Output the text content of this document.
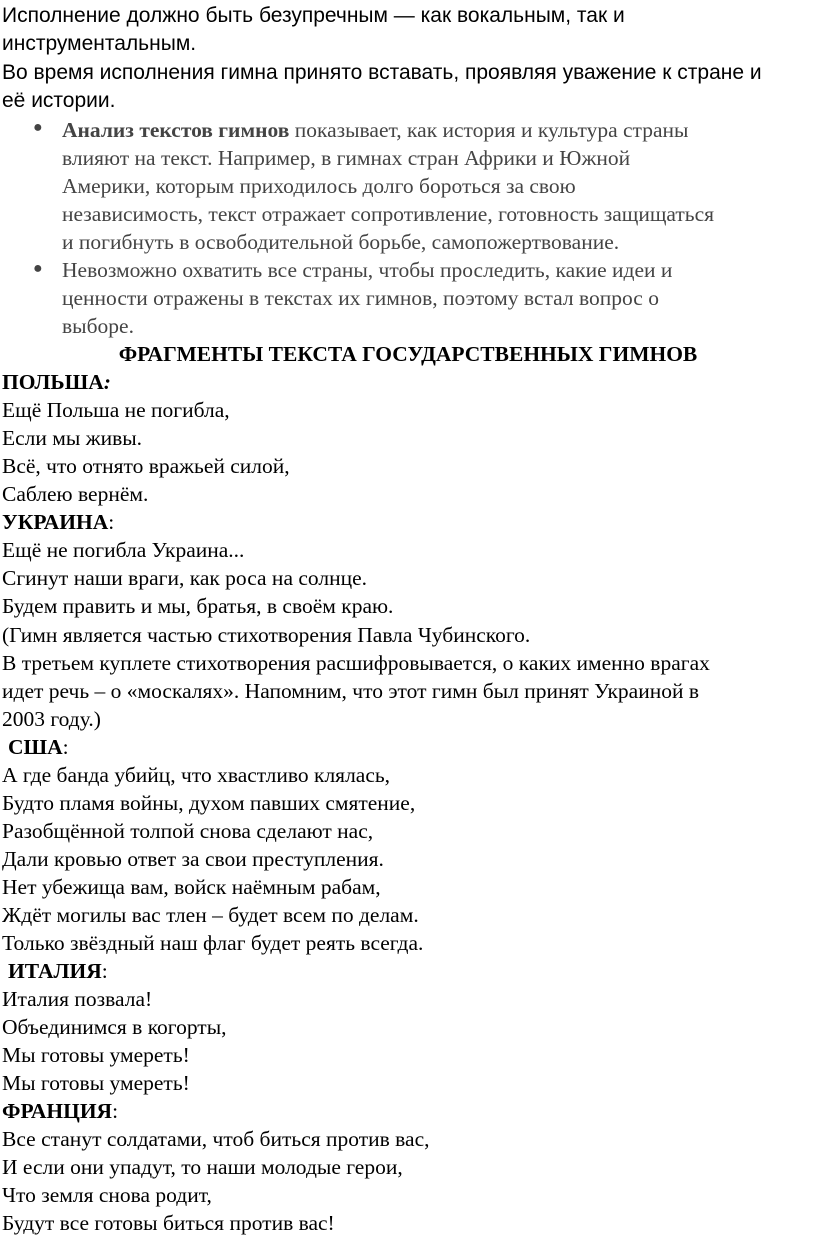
Исполнение должно быть безупречным — как вокальным, так и
инструментальным.
Во время исполнения гимна принято вставать, проявляя уважение к стране и
её истории.
● Анализ текстов гимнов показывает, как история и культура страны
влияют на текст. Например, в гимнах стран Африки и Южной
Америки, которым приходилось долго бороться за свою
независимость, текст отражает сопротивление, готовность защищаться
и погибнуть в освободительной борьбе, самопожертвование.
● Невозможно охватить все страны, чтобы проследить, какие идеи и
ценности отражены в текстах их гимнов, поэтому встал вопрос о
выборе.
ФРАГМЕНТЫ ТЕКСТА ГОСУДАРСТВЕННЫХ ГИМНОВ
ПОЛЬША:
Ещё Польша не погибла,
Если мы живы.
Всё, что отнято вражьей силой,
Саблею вернём.
УКРАИНА:
Ещё не погибла Украина...
Сгинут наши враги, как роса на солнце.
Будем править и мы, братья, в своём краю.
(Гимн является частью стихотворения Павла Чубинского.
В третьем куплете стихотворения расшифровывается, о каких именно врагах
идет речь – о «москалях». Напомним, что этот гимн был принят Украиной в
2003 году.)
США:
А где банда убийц, что хвастливо клялась,
Будто пламя войны, духом павших смятение,
Разобщённой толпой снова сделают нас,
Дали кровью ответ за свои преступления.
Нет убежища вам, войск наёмным рабам,
Ждёт могилы вас тлен – будет всем по делам.
Только звёздный наш флаг будет реять всегда.
ИТАЛИЯ:
Италия позвала!
Объединимся в когорты,
Мы готовы умереть!
Мы готовы умереть!
ФРАНЦИЯ:
Все станут солдатами, чтоб биться против вас,
И если они упадут, то наши молодые герои,
Что земля снова родит,
Будут все готовы биться против вас!
